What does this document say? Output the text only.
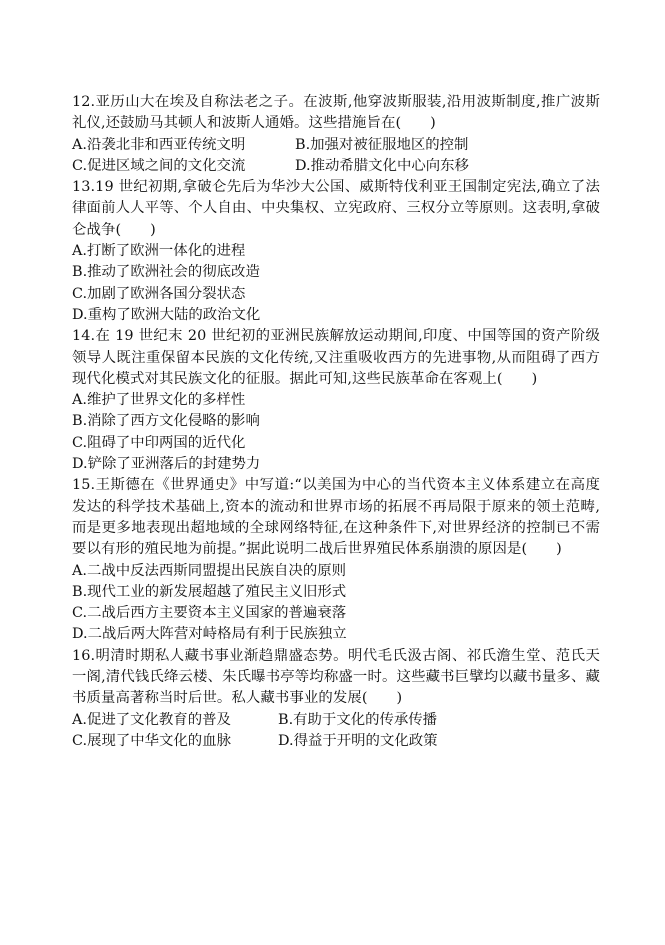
12.亚历山大在埃及自称法老之子。在波斯,他穿波斯服装,沿用波斯制度,推广波斯礼仪,还鼓励马其顿人和波斯人通婚。这些措施旨在(　　)
A.沿袭北非和西亚传统文明	B.加强对被征服地区的控制
C.促进区域之间的文化交流	D.推动希腊文化中心向东移
13.19 世纪初期,拿破仑先后为华沙大公国、威斯特伐利亚王国制定宪法,确立了法律面前人人平等、个人自由、中央集权、立宪政府、三权分立等原则。这表明,拿破仑战争(　　)
A.打断了欧洲一体化的进程
B.推动了欧洲社会的彻底改造
C.加剧了欧洲各国分裂状态
D.重构了欧洲大陆的政治文化
14.在 19 世纪末 20 世纪初的亚洲民族解放运动期间,印度、中国等国的资产阶级领导人既注重保留本民族的文化传统,又注重吸收西方的先进事物,从而阻碍了西方现代化模式对其民族文化的征服。据此可知,这些民族革命在客观上(　　)
A.维护了世界文化的多样性
B.消除了西方文化侵略的影响
C.阻碍了中印两国的近代化
D.铲除了亚洲落后的封建势力
15.王斯德在《世界通史》中写道:“以美国为中心的当代资本主义体系建立在高度发达的科学技术基础上,资本的流动和世界市场的拓展不再局限于原来的领土范畴,而是更多地表现出超地域的全球网络特征,在这种条件下,对世界经济的控制已不需要以有形的殖民地为前提。”据此说明二战后世界殖民体系崩溃的原因是(　　)
A.二战中反法西斯同盟提出民族自决的原则
B.现代工业的新发展超越了殖民主义旧形式
C.二战后西方主要资本主义国家的普遍衰落
D.二战后两大阵营对峙格局有利于民族独立
16.明清时期私人藏书事业渐趋鼎盛态势。明代毛氏汲古阁、祁氏澹生堂、范氏天一阁,清代钱氏绛云楼、朱氏曝书亭等均称盛一时。这些藏书巨擘均以藏书量多、藏书质量高著称当时后世。私人藏书事业的发展(　　)
A.促进了文化教育的普及	B.有助于文化的传承传播
C.展现了中华文化的血脉	D.得益于开明的文化政策
